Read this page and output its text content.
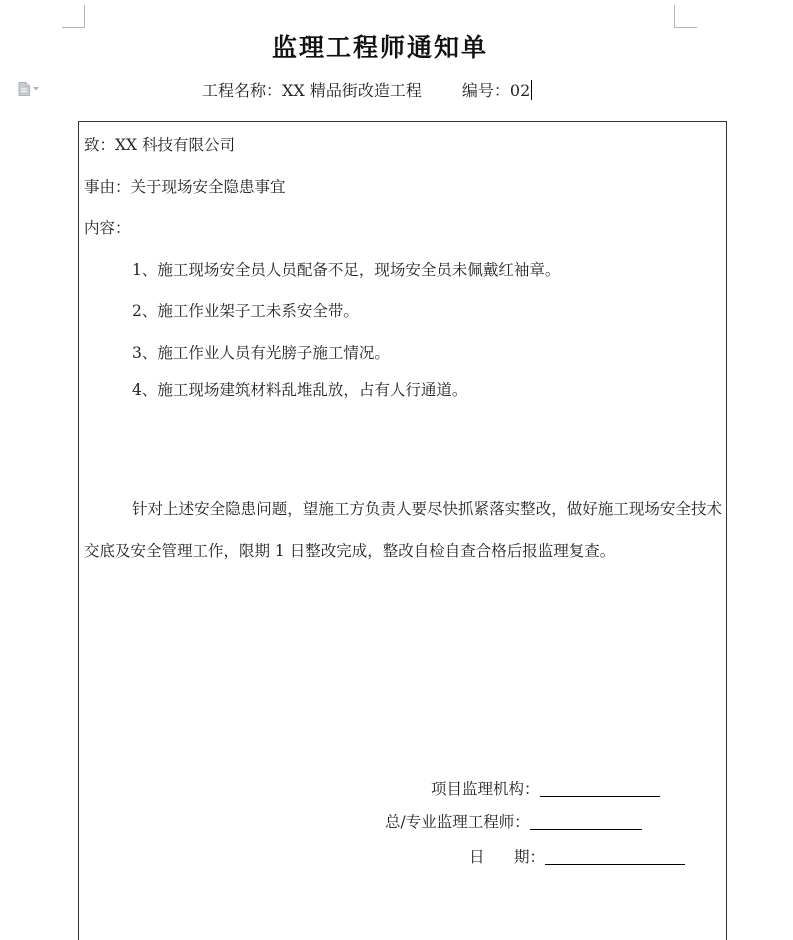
监理工程师通知单
工程名称：XX 精品街改造工程	编号：02
致：XX 科技有限公司
事由：关于现场安全隐患事宜
内容：
1、施工现场安全员人员配备不足，现场安全员未佩戴红袖章。
2、施工作业架子工未系安全带。
3、施工作业人员有光膀子施工情况。
4、施工现场建筑材料乱堆乱放，占有人行通道。
针对上述安全隐患问题，望施工方负责人要尽快抓紧落实整改，做好施工现场安全技术交底及安全管理工作，限期 1 日整改完成，整改自检自查合格后报监理复查。
项目监理机构：
总/专业监理工程师：
日      期：
